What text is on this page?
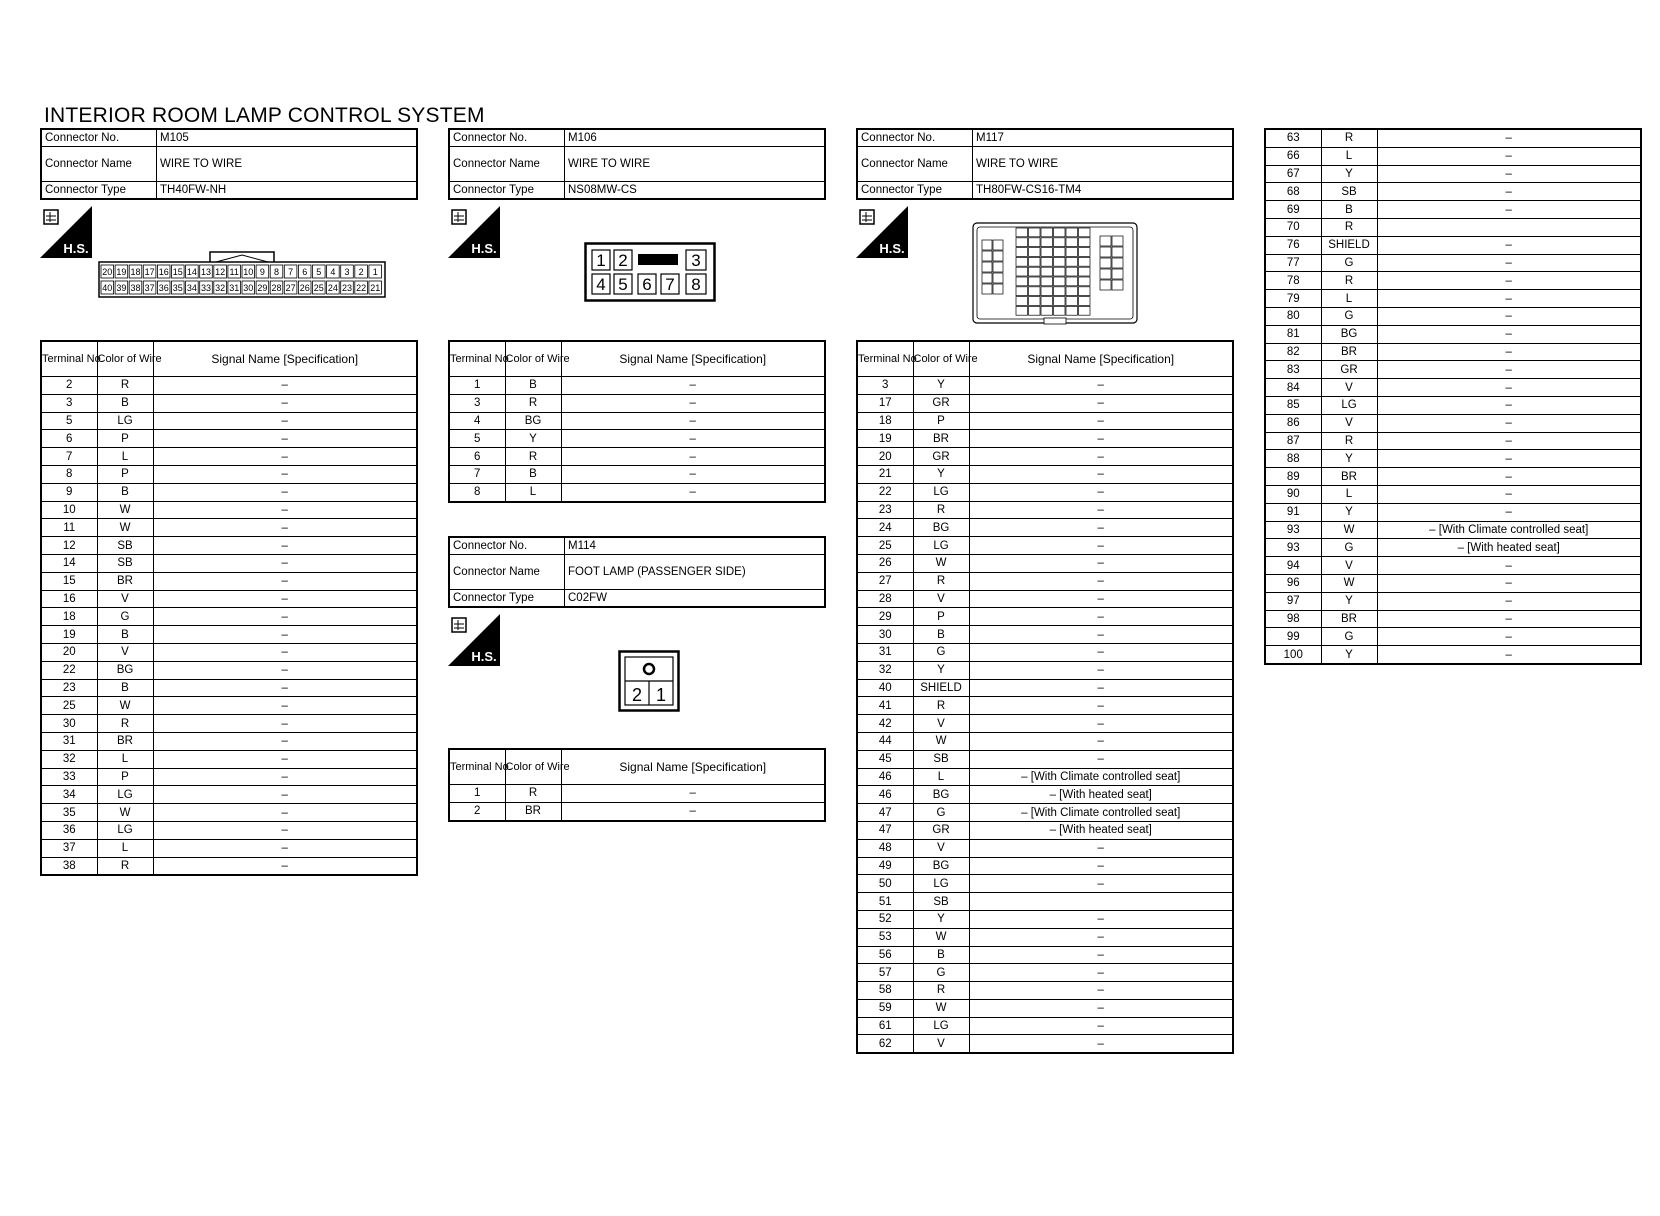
INTERIOR ROOM LAMP CONTROL SYSTEM
Connector No.	M105
Connector Name	WIRE TO WIRE
Connector Type	TH40FW-NH
H.S.
20 19 18 17 16 15 14 13 12 11 10 9 8 7 6 5 4 3 2 1
40 39 38 37 36 35 34 33 32 31 30 29 28 27 26 25 24 23 22 21
Terminal No.	Color of Wire	Signal Name [Specification]
2	R	–
3	B	–
5	LG	–
6	P	–
7	L	–
8	P	–
9	B	–
10	W	–
11	W	–
12	SB	–
14	SB	–
15	BR	–
16	V	–
18	G	–
19	B	–
20	V	–
22	BG	–
23	B	–
25	W	–
30	R	–
31	BR	–
32	L	–
33	P	–
34	LG	–
35	W	–
36	LG	–
37	L	–
38	R	–
Connector No.	M106
Connector Name	WIRE TO WIRE
Connector Type	NS08MW-CS
H.S.
1 2	3
4 5 6 7 8
Terminal No.	Color of Wire	Signal Name [Specification]
1	B	–
3	R	–
4	BG	–
5	Y	–
6	R	–
7	B	–
8	L	–
Connector No.	M114
Connector Name	FOOT LAMP (PASSENGER SIDE)
Connector Type	C02FW
H.S.
2 1
Terminal No.	Color of Wire	Signal Name [Specification]
1	R	–
2	BR	–
Connector No.	M117
Connector Name	WIRE TO WIRE
Connector Type	TH80FW-CS16-TM4
H.S.
Terminal No.	Color of Wire	Signal Name [Specification]
3	Y	–
17	GR	–
18	P	–
19	BR	–
20	GR	–
21	Y	–
22	LG	–
23	R	–
24	BG	–
25	LG	–
26	W	–
27	R	–
28	V	–
29	P	–
30	B	–
31	G	–
32	Y	–
40	SHIELD	–
41	R	–
42	V	–
44	W	–
45	SB	–
46	L	– [With Climate controlled seat]
46	BG	– [With heated seat]
47	G	– [With Climate controlled seat]
47	GR	– [With heated seat]
48	V	–
49	BG	–
50	LG	–
51	SB	
52	Y	–
53	W	–
56	B	–
57	G	–
58	R	–
59	W	–
61	LG	–
62	V	–
63	R	–
66	L	–
67	Y	–
68	SB	–
69	B	–
70	R	
76	SHIELD	–
77	G	–
78	R	–
79	L	–
80	G	–
81	BG	–
82	BR	–
83	GR	–
84	V	–
85	LG	–
86	V	–
87	R	–
88	Y	–
89	BR	–
90	L	–
91	Y	–
93	W	– [With Climate controlled seat]
93	G	– [With heated seat]
94	V	–
96	W	–
97	Y	–
98	BR	–
99	G	–
100	Y	–
